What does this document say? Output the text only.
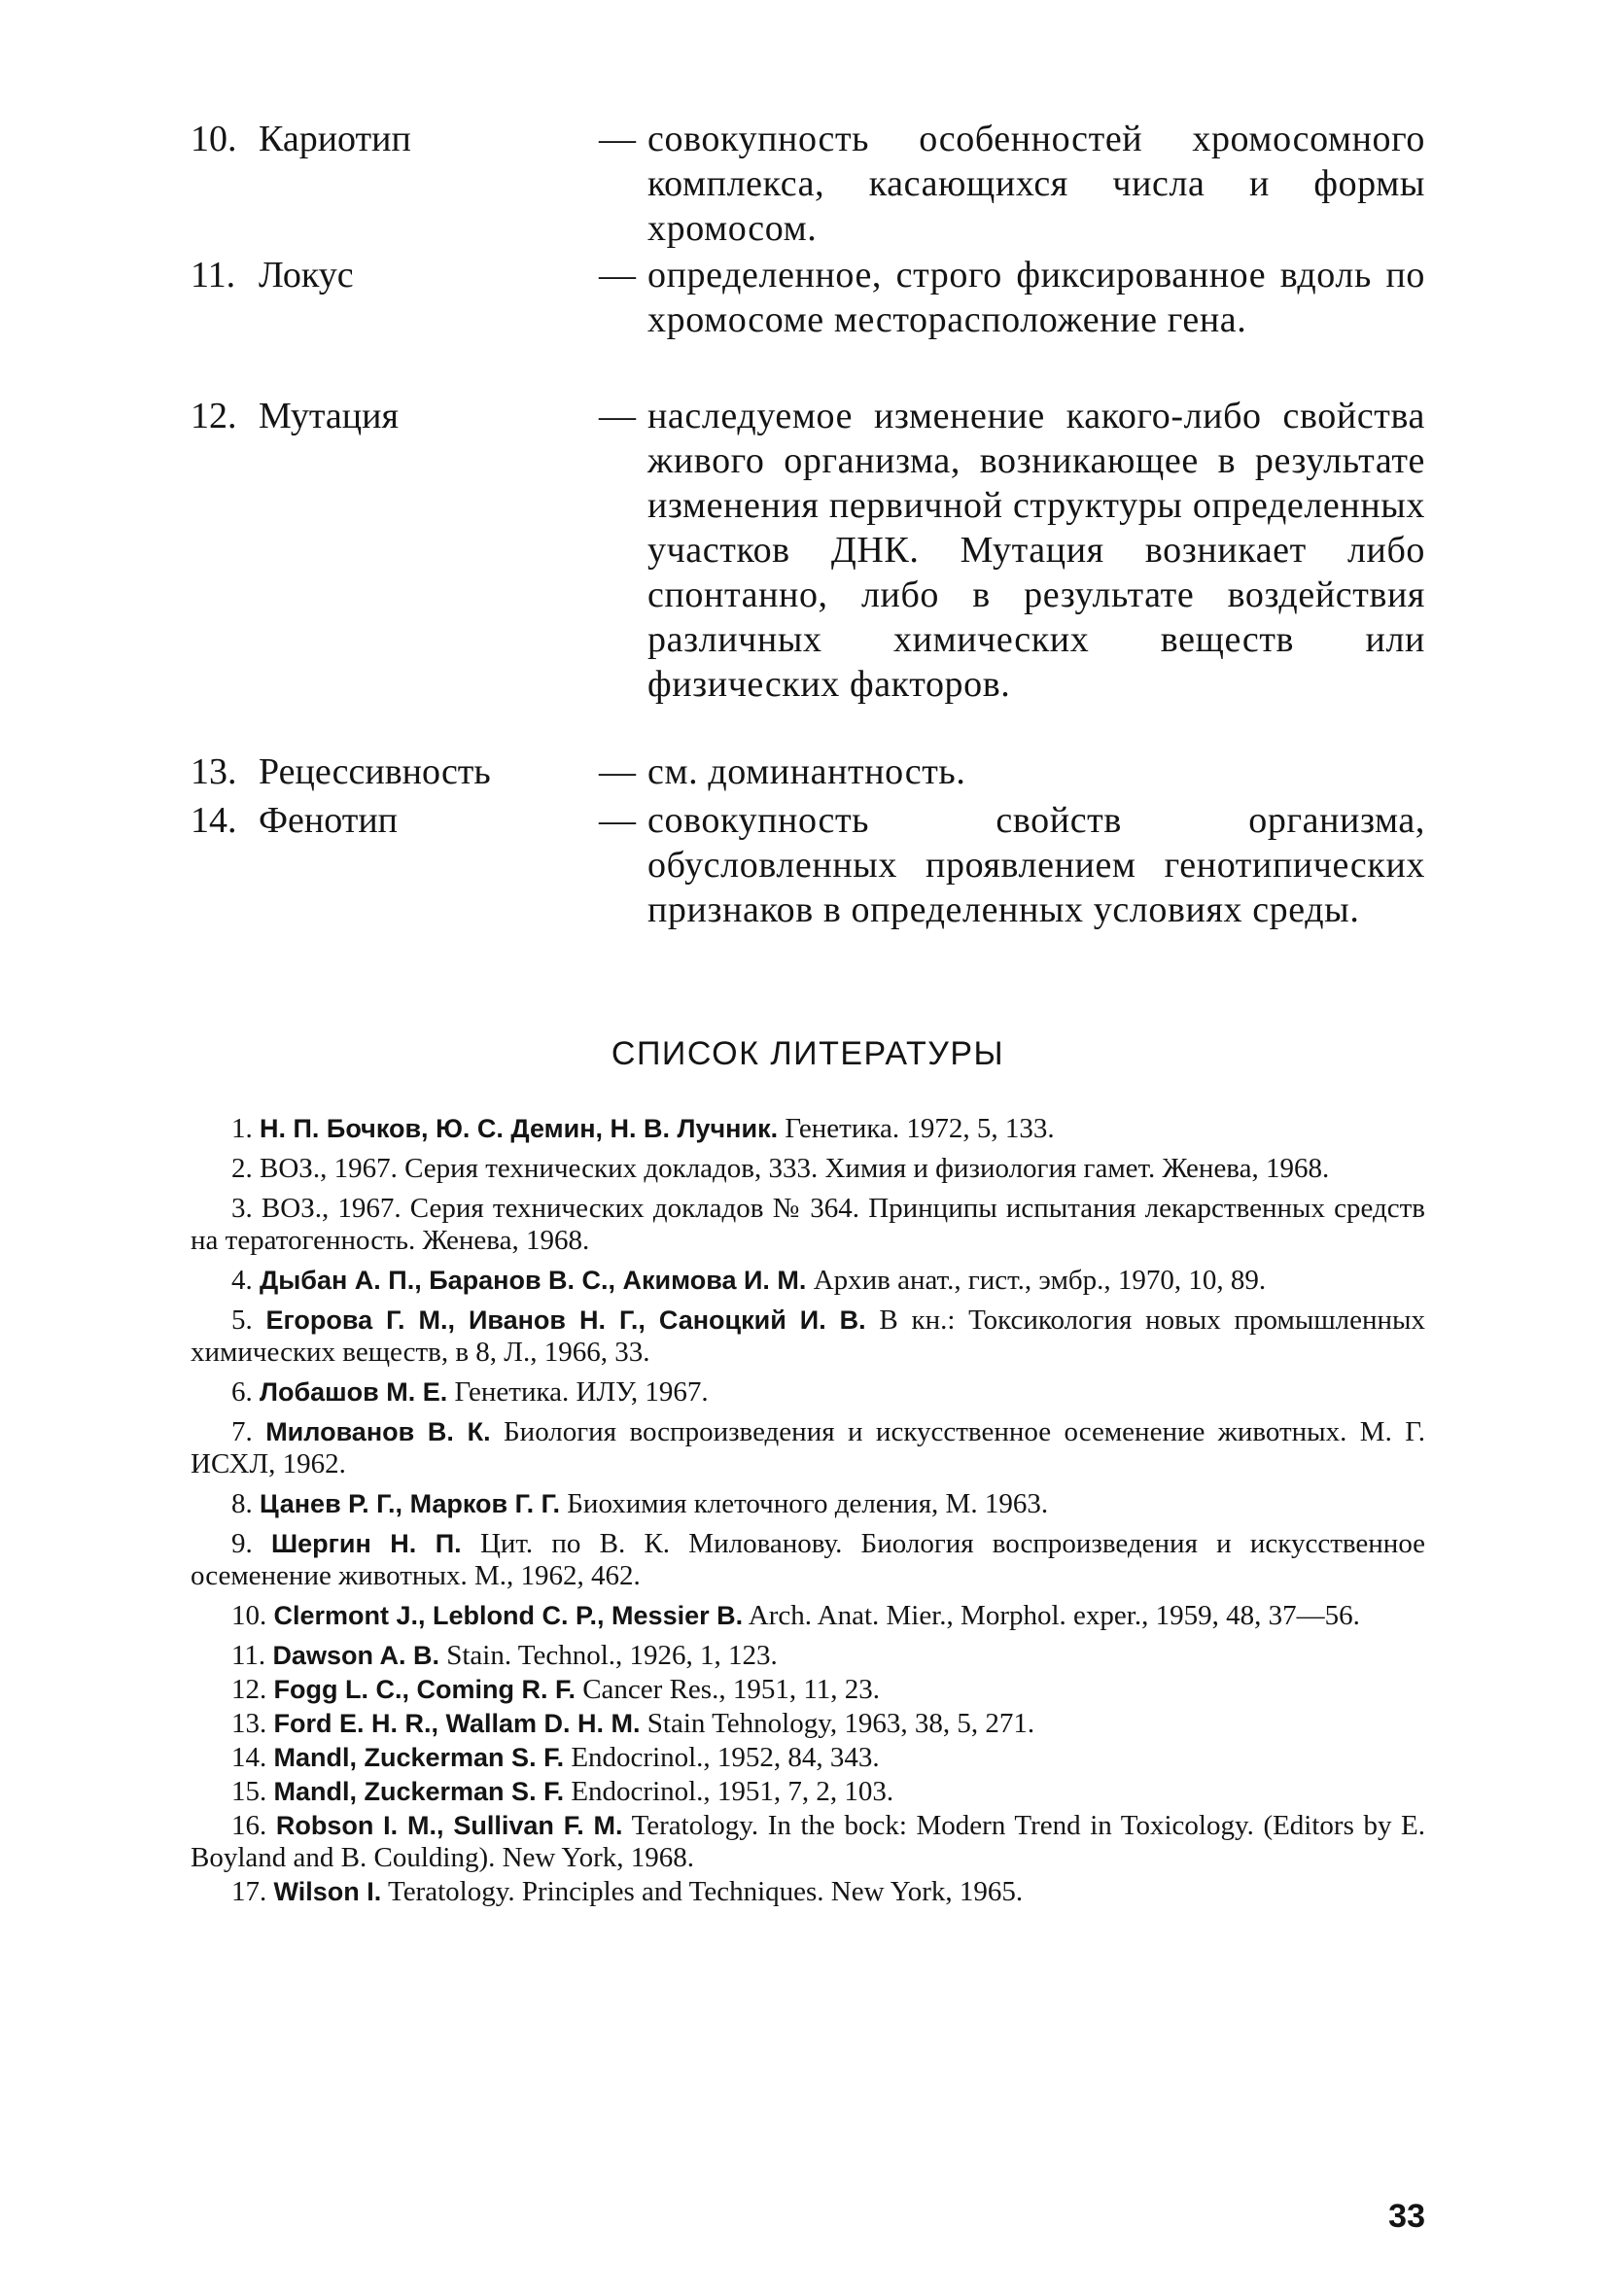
10. Кариотип	— совокупность особенностей хромосомного комплекса, касающихся числа и формы хромосом.
11. Локус	— определенное, строго фиксированное вдоль по хромосоме месторасположение гена.
12. Мутация	— наследуемое изменение какого-либо свойства живого организма, возникающее в результате изменения первичной структуры определенных участков ДНК. Мутация возникает либо спонтанно, либо в результате воздействия различных химических веществ или физических факторов.
13. Рецессивность	— см. доминантность.
14. Фенотип	— совокупность свойств организма, обусловленных проявлением генотипических признаков в определенных условиях среды.
СПИСОК ЛИТЕРАТУРЫ

1. Н. П. Бочков, Ю. С. Демин, Н. В. Лучник. Генетика. 1972, 5, 133.

2. ВОЗ., 1967. Серия технических докладов, 333. Химия и физиология гамет. Женева, 1968.

3. ВОЗ., 1967. Серия технических докладов № 364. Принципы испытания лекарственных средств на тератогенность. Женева, 1968.

4. Дыбан А. П., Баранов В. С., Акимова И. М. Архив анат., гист., эмбр., 1970, 10, 89.

5. Егорова Г. М., Иванов Н. Г., Саноцкий И. В. В кн.: Токсикология новых промышленных химических веществ, в 8, Л., 1966, 33.

6. Лобашов М. Е. Генетика. ИЛУ, 1967.

7. Милованов В. К. Биология воспроизведения и искусственное осеменение животных. М. Г. ИСХЛ, 1962.

8. Цанев Р. Г., Марков Г. Г. Биохимия клеточного деления, М. 1963.

9. Шергин Н. П. Цит. по В. К. Милованову. Биология воспроизведения и искусственное осеменение животных. М., 1962, 462.

10. Clermont J., Leblond C. P., Messier B. Arch. Anat. Mier., Morphol. exper., 1959, 48, 37—56.

11. Dawson A. B. Stain. Technol., 1926, 1, 123.

12. Fogg L. C., Coming R. F. Cancer Res., 1951, 11, 23.

13. Ford E. H. R., Wallam D. H. M. Stain Tehnology, 1963, 38, 5, 271.

14. Mandl, Zuckerman S. F. Endocrinol., 1952, 84, 343.

15. Mandl, Zuckerman S. F. Endocrinol., 1951, 7, 2, 103.

16. Robson I. M., Sullivan F. M. Teratology. In the bock: Modern Trend in Toxicology. (Editors by E. Boyland and B. Coulding). New York, 1968.

17. Wilson I. Teratology. Principles and Techniques. New York, 1965.

33
